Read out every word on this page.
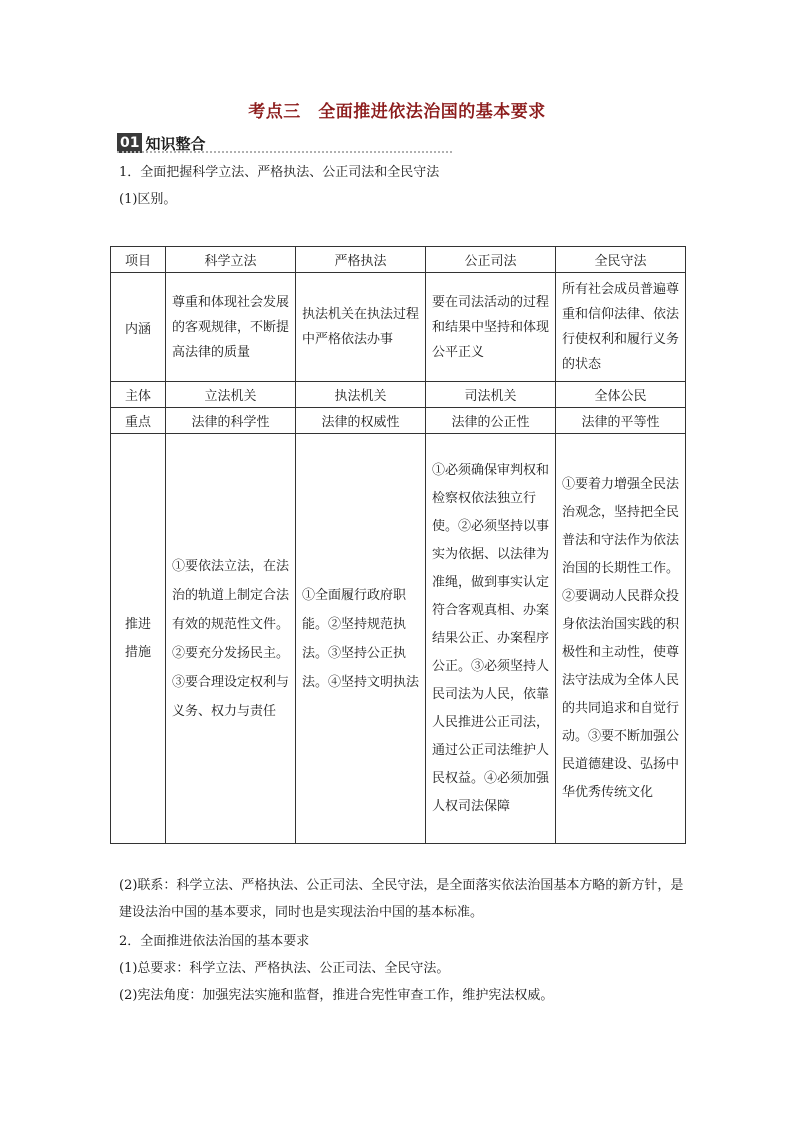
考点三　全面推进依法治国的基本要求
01 知识整合
1．全面把握科学立法、严格执法、公正司法和全民守法
(1)区别。
项目	科学立法	严格执法	公正司法	全民守法
内涵	尊重和体现社会发展的客观规律，不断提高法律的质量	执法机关在执法过程中严格依法办事	要在司法活动的过程和结果中坚持和体现公平正义	所有社会成员普遍尊重和信仰法律、依法行使权利和履行义务的状态
主体	立法机关	执法机关	司法机关	全体公民
重点	法律的科学性	法律的权威性	法律的公正性	法律的平等性
推进措施	①要依法立法，在法治的轨道上制定合法有效的规范性文件。②要充分发扬民主。③要合理设定权利与义务、权力与责任	①全面履行政府职能。②坚持规范执法。③坚持公正执法。④坚持文明执法	①必须确保审判权和检察权依法独立行使。②必须坚持以事实为依据、以法律为准绳，做到事实认定符合客观真相、办案结果公正、办案程序公正。③必须坚持人民司法为人民，依靠人民推进公正司法，通过公正司法维护人民权益。④必须加强人权司法保障	①要着力增强全民法治观念，坚持把全民普法和守法作为依法治国的长期性工作。②要调动人民群众投身依法治国实践的积极性和主动性，使尊法守法成为全体人民的共同追求和自觉行动。③要不断加强公民道德建设、弘扬中华优秀传统文化
(2)联系：科学立法、严格执法、公正司法、全民守法，是全面落实依法治国基本方略的新方针，是建设法治中国的基本要求，同时也是实现法治中国的基本标准。
2．全面推进依法治国的基本要求
(1)总要求：科学立法、严格执法、公正司法、全民守法。
(2)宪法角度：加强宪法实施和监督，推进合宪性审查工作，维护宪法权威。
